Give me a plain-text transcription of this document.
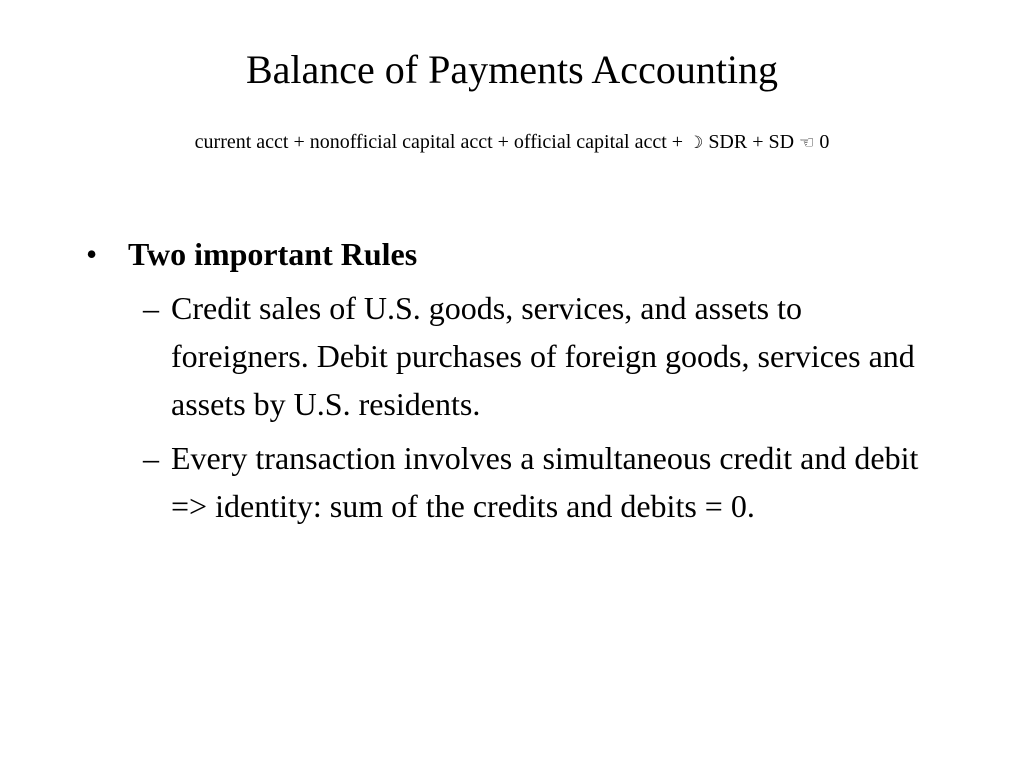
Balance of Payments Accounting
current acct + nonofficial capital acct + official capital acct + ☽ SDR + SD ☜ 0
• Two important Rules
– Credit sales of U.S. goods, services, and assets to foreigners. Debit purchases of foreign goods, services and assets by U.S. residents.
– Every transaction involves a simultaneous credit and debit => identity: sum of the credits and debits = 0.
